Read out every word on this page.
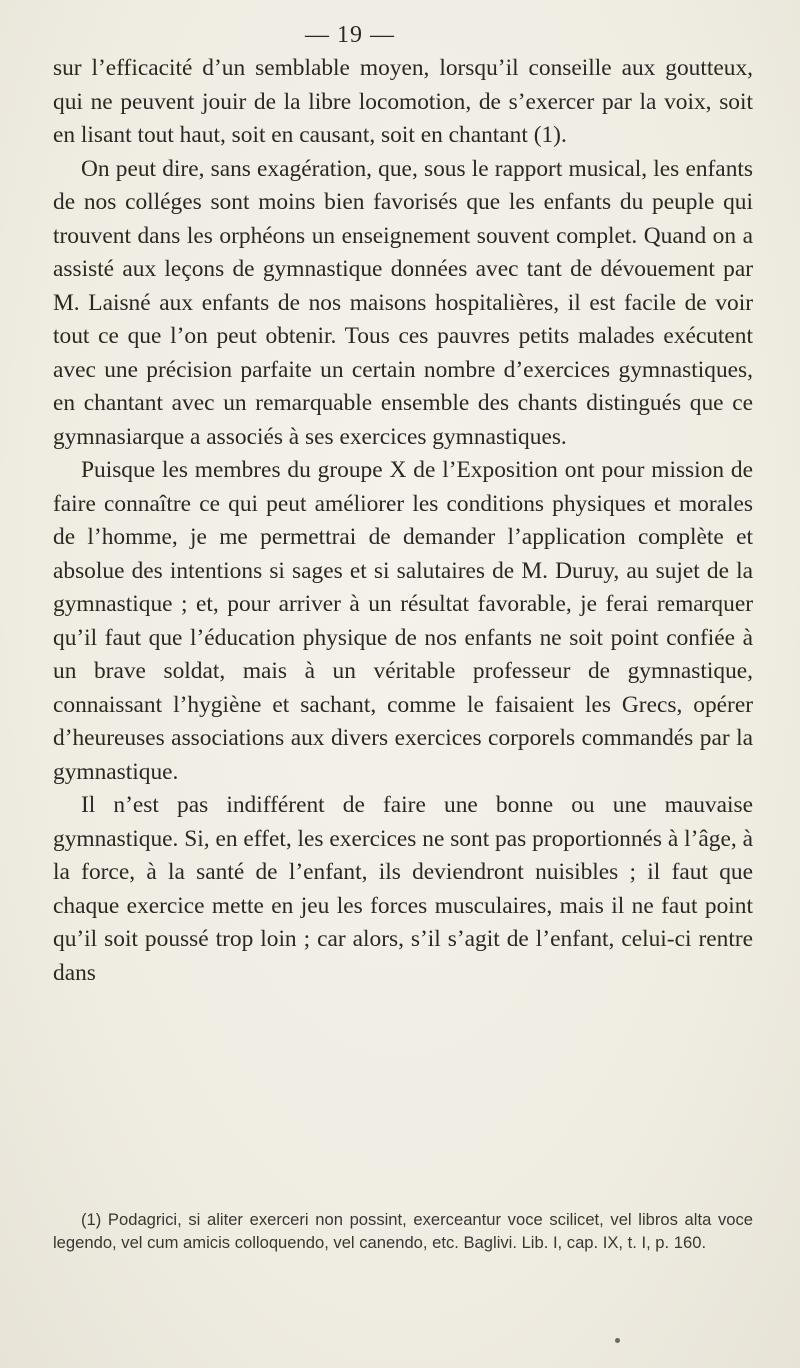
— 19 —

sur l’efficacité d’un semblable moyen, lorsqu’il conseille aux goutteux, qui ne peuvent jouir de la libre locomotion, de s’exercer par la voix, soit en lisant tout haut, soit en causant, soit en chantant (1).

On peut dire, sans exagération, que, sous le rapport musical, les enfants de nos colléges sont moins bien favorisés que les enfants du peuple qui trouvent dans les orphéons un enseignement souvent complet. Quand on a assisté aux leçons de gymnastique données avec tant de dévouement par M. Laisné aux enfants de nos maisons hospitalières, il est facile de voir tout ce que l’on peut obtenir. Tous ces pauvres petits malades exécutent avec une précision parfaite un certain nombre d’exercices gymnastiques, en chantant avec un remarquable ensemble des chants distingués que ce gymnasiarque a associés à ses exercices gymnastiques.

Puisque les membres du groupe X de l’Exposition ont pour mission de faire connaître ce qui peut améliorer les conditions physiques et morales de l’homme, je me permettrai de demander l’application complète et absolue des intentions si sages et si salutaires de M. Duruy, au sujet de la gymnastique ; et, pour arriver à un résultat favorable, je ferai remarquer qu’il faut que l’éducation physique de nos enfants ne soit point confiée à un brave soldat, mais à un véritable professeur de gymnastique, connaissant l’hygiène et sachant, comme le faisaient les Grecs, opérer d’heureuses associations aux divers exercices corporels commandés par la gymnastique.

Il n’est pas indifférent de faire une bonne ou une mauvaise gymnastique. Si, en effet, les exercices ne sont pas proportionnés à l’âge, à la force, à la santé de l’enfant, ils deviendront nuisibles ; il faut que chaque exercice mette en jeu les forces musculaires, mais il ne faut point qu’il soit poussé trop loin ; car alors, s’il s’agit de l’enfant, celui-ci rentre dans

(1) Podagrici, si aliter exerceri non possint, exerceantur voce scilicet, vel libros alta voce legendo, vel cum amicis colloquendo, vel canendo, etc. Baglivi. Lib. I, cap. IX, t. I, p. 160.
